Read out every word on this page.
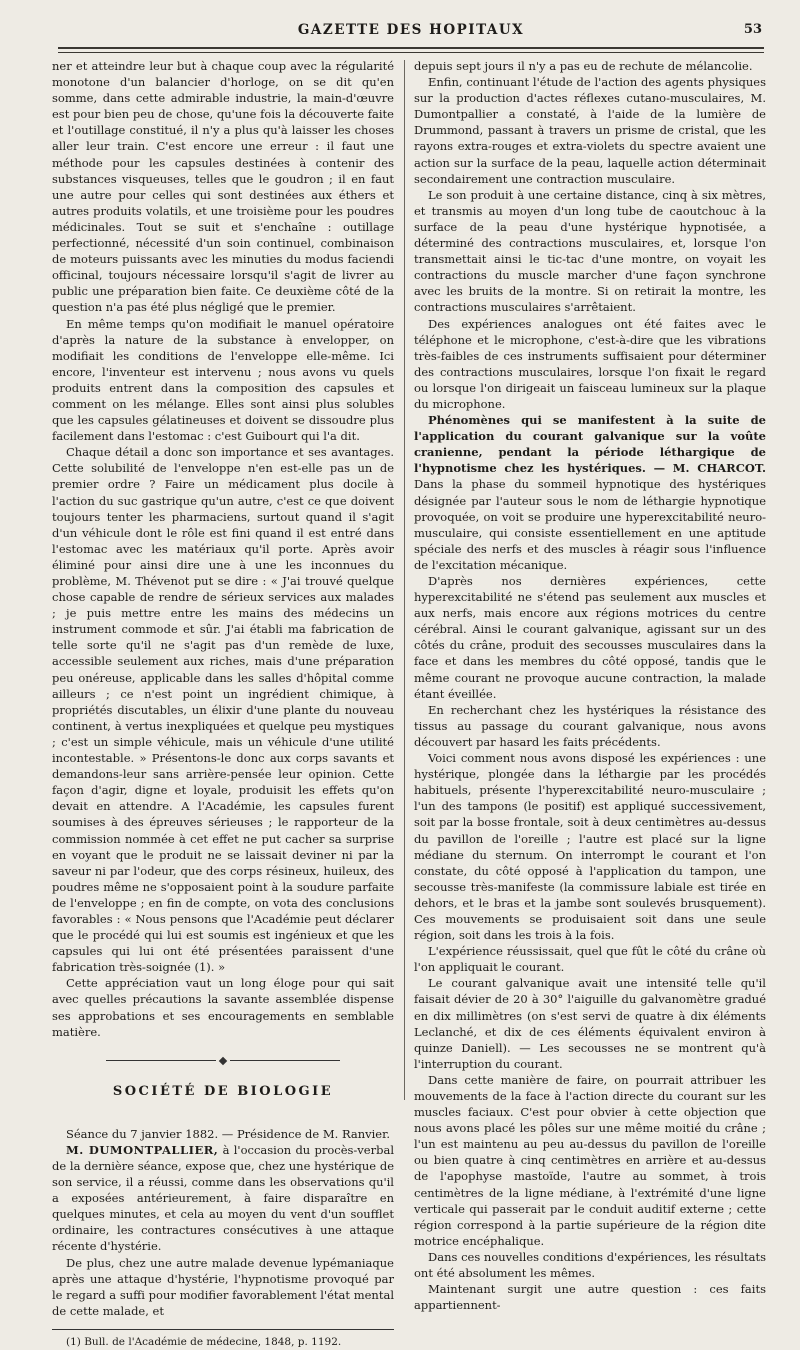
GAZETTE DES HOPITAUX	53

ner et atteindre leur but à chaque coup avec la régularité monotone d'un balancier d'horloge, on se dit qu'en somme, dans cette admirable industrie, la main-d'œuvre est pour bien peu de chose, qu'une fois la découverte faite et l'outillage constitué, il n'y a plus qu'à laisser les choses aller leur train. C'est encore une erreur : il faut une méthode pour les capsules destinées à contenir des substances visqueuses, telles que le goudron ; il en faut une autre pour celles qui sont destinées aux éthers et autres produits volatils, et une troisième pour les poudres médicinales. Tout se suit et s'enchaîne : outillage perfectionné, nécessité d'un soin continuel, combinaison de moteurs puissants avec les minuties du modus faciendi officinal, toujours nécessaire lorsqu'il s'agit de livrer au public une préparation bien faite. Ce deuxième côté de la question n'a pas été plus négligé que le premier.

En même temps qu'on modifiait le manuel opératoire d'après la nature de la substance à envelopper, on modifiait les conditions de l'enveloppe elle-même. Ici encore, l'inventeur est intervenu ; nous avons vu quels produits entrent dans la composition des capsules et comment on les mélange. Elles sont ainsi plus solubles que les capsules gélatineuses et doivent se dissoudre plus facilement dans l'estomac : c'est Guibourt qui l'a dit.

Chaque détail a donc son importance et ses avantages. Cette solubilité de l'enveloppe n'en est-elle pas un de premier ordre ? Faire un médicament plus docile à l'action du suc gastrique qu'un autre, c'est ce que doivent toujours tenter les pharmaciens, surtout quand il s'agit d'un véhicule dont le rôle est fini quand il est entré dans l'estomac avec les matériaux qu'il porte. Après avoir éliminé pour ainsi dire une à une les inconnues du problème, M. Thévenot put se dire : « J'ai trouvé quelque chose capable de rendre de sérieux services aux malades ; je puis mettre entre les mains des médecins un instrument commode et sûr. J'ai établi ma fabrication de telle sorte qu'il ne s'agit pas d'un remède de luxe, accessible seulement aux riches, mais d'une préparation peu onéreuse, applicable dans les salles d'hôpital comme ailleurs ; ce n'est point un ingrédient chimique, à propriétés discutables, un élixir d'une plante du nouveau continent, à vertus inexpliquées et quelque peu mystiques ; c'est un simple véhicule, mais un véhicule d'une utilité incontestable. » Présentons-le donc aux corps savants et demandons-leur sans arrière-pensée leur opinion. Cette façon d'agir, digne et loyale, produisit les effets qu'on devait en attendre. A l'Académie, les capsules furent soumises à des épreuves sérieuses ; le rapporteur de la commission nommée à cet effet ne put cacher sa surprise en voyant que le produit ne se laissait deviner ni par la saveur ni par l'odeur, que des corps résineux, huileux, des poudres même ne s'opposaient point à la soudure parfaite de l'enveloppe ; en fin de compte, on vota des conclusions favorables : « Nous pensons que l'Académie peut déclarer que le procédé qui lui est soumis est ingénieux et que les capsules qui lui ont été présentées paraissent d'une fabrication très-soignée (1). »

Cette appréciation vaut un long éloge pour qui sait avec quelles précautions la savante assemblée dispense ses approbations et ses encouragements en semblable matière.

SOCIÉTÉ DE BIOLOGIE

Séance du 7 janvier 1882. — Présidence de M. Ranvier.

M. DUMONTPALLIER, à l'occasion du procès-verbal de la dernière séance, expose que, chez une hystérique de son service, il a réussi, comme dans les observations qu'il a exposées antérieurement, à faire disparaître en quelques minutes, et cela au moyen du vent d'un soufflet ordinaire, les contractures consécutives à une attaque récente d'hystérie.

De plus, chez une autre malade devenue lypémaniaque après une attaque d'hystérie, l'hypnotisme provoqué par le regard a suffi pour modifier favorablement l'état mental de cette malade, et

(1) Bull. de l'Académie de médecine, 1848, p. 1192.

depuis sept jours il n'y a pas eu de rechute de mélancolie.

Enfin, continuant l'étude de l'action des agents physiques sur la production d'actes réflexes cutano-musculaires, M. Dumontpallier a constaté, à l'aide de la lumière de Drummond, passant à travers un prisme de cristal, que les rayons extra-rouges et extra-violets du spectre avaient une action sur la surface de la peau, laquelle action déterminait secondairement une contraction musculaire.

Le son produit à une certaine distance, cinq à six mètres, et transmis au moyen d'un long tube de caoutchouc à la surface de la peau d'une hystérique hypnotisée, a déterminé des contractions musculaires, et, lorsque l'on transmettait ainsi le tic-tac d'une montre, on voyait les contractions du muscle marcher d'une façon synchrone avec les bruits de la montre. Si on retirait la montre, les contractions musculaires s'arrêtaient.

Des expériences analogues ont été faites avec le téléphone et le microphone, c'est-à-dire que les vibrations très-faibles de ces instruments suffisaient pour déterminer des contractions musculaires, lorsque l'on fixait le regard ou lorsque l'on dirigeait un faisceau lumineux sur la plaque du microphone.

Phénomènes qui se manifestent à la suite de l'application du courant galvanique sur la voûte cranienne, pendant la période léthargique de l'hypnotisme chez les hystériques. — M. CHARCOT. Dans la phase du sommeil hypnotique des hystériques désignée par l'auteur sous le nom de léthargie hypnotique provoquée, on voit se produire une hyperexcitabilité neuro-musculaire, qui consiste essentiellement en une aptitude spéciale des nerfs et des muscles à réagir sous l'influence de l'excitation mécanique.

D'après nos dernières expériences, cette hyperexcitabilité ne s'étend pas seulement aux muscles et aux nerfs, mais encore aux régions motrices du centre cérébral. Ainsi le courant galvanique, agissant sur un des côtés du crâne, produit des secousses musculaires dans la face et dans les membres du côté opposé, tandis que le même courant ne provoque aucune contraction, la malade étant éveillée.

En recherchant chez les hystériques la résistance des tissus au passage du courant galvanique, nous avons découvert par hasard les faits précédents.

Voici comment nous avons disposé les expériences : une hystérique, plongée dans la léthargie par les procédés habituels, présente l'hyperexcitabilité neuro-musculaire ; l'un des tampons (le positif) est appliqué successivement, soit par la bosse frontale, soit à deux centimètres au-dessus du pavillon de l'oreille ; l'autre est placé sur la ligne médiane du sternum. On interrompt le courant et l'on constate, du côté opposé à l'application du tampon, une secousse très-manifeste (la commissure labiale est tirée en dehors, et le bras et la jambe sont soulevés brusquement). Ces mouvements se produisaient soit dans une seule région, soit dans les trois à la fois.

L'expérience réussissait, quel que fût le côté du crâne où l'on appliquait le courant.

Le courant galvanique avait une intensité telle qu'il faisait dévier de 20 à 30° l'aiguille du galvanomètre gradué en dix millimètres (on s'est servi de quatre à dix éléments Leclanché, et dix de ces éléments équivalent environ à quinze Daniell). — Les secousses ne se montrent qu'à l'interruption du courant.

Dans cette manière de faire, on pourrait attribuer les mouvements de la face à l'action directe du courant sur les muscles faciaux. C'est pour obvier à cette objection que nous avons placé les pôles sur une même moitié du crâne ; l'un est maintenu au peu au-dessus du pavillon de l'oreille ou bien quatre à cinq centimètres en arrière et au-dessus de l'apophyse mastoïde, l'autre au sommet, à trois centimètres de la ligne médiane, à l'extrémité d'une ligne verticale qui passerait par le conduit auditif externe ; cette région correspond à la partie supérieure de la région dite motrice encéphalique.

Dans ces nouvelles conditions d'expériences, les résultats ont été absolument les mêmes.

Maintenant surgit une autre question : ces faits appartiennent-
